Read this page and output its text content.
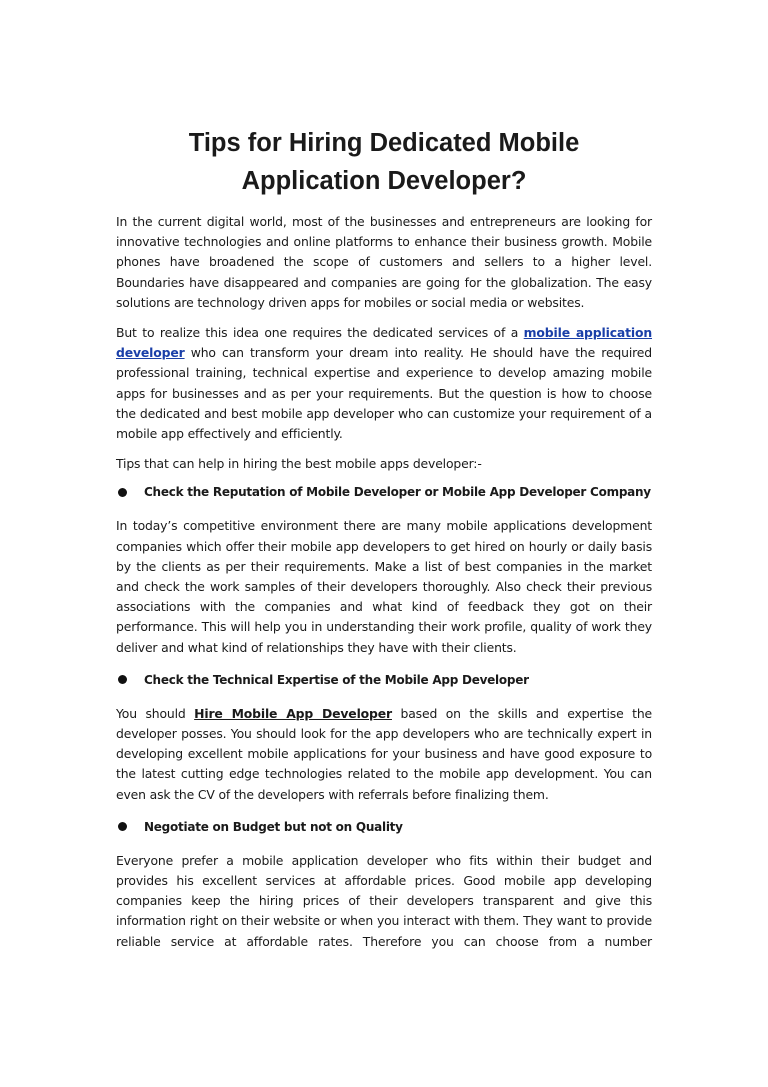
Tips for Hiring Dedicated Mobile
Application Developer?

In the current digital world, most of the businesses and entrepreneurs are looking for innovative technologies and online platforms to enhance their business growth. Mobile phones have broadened the scope of customers and sellers to a higher level. Boundaries have disappeared and companies are going for the globalization. The easy solutions are technology driven apps for mobiles or social media or websites.

But to realize this idea one requires the dedicated services of a mobile application developer who can transform your dream into reality. He should have the required professional training, technical expertise and experience to develop amazing mobile apps for businesses and as per your requirements. But the question is how to choose the dedicated and best mobile app developer who can customize your requirement of a mobile app effectively and efficiently.

Tips that can help in hiring the best mobile apps developer:-

Check the Reputation of Mobile Developer or Mobile App Developer Company

In today’s competitive environment there are many mobile applications development companies which offer their mobile app developers to get hired on hourly or daily basis by the clients as per their requirements. Make a list of best companies in the market and check the work samples of their developers thoroughly. Also check their previous associations with the companies and what kind of feedback they got on their performance. This will help you in understanding their work profile, quality of work they deliver and what kind of relationships they have with their clients.

Check the Technical Expertise of the Mobile App Developer

You should Hire Mobile App Developer based on the skills and expertise the developer posses. You should look for the app developers who are technically expert in developing excellent mobile applications for your business and have good exposure to the latest cutting edge technologies related to the mobile app development. You can even ask the CV of the developers with referrals before finalizing them.

Negotiate on Budget but not on Quality

Everyone prefer a mobile application developer who fits within their budget and provides his excellent services at affordable prices. Good mobile app developing companies keep the hiring prices of their developers transparent and give this information right on their website or when you interact with them. They want to provide reliable service at affordable rates. Therefore you can choose from a number
